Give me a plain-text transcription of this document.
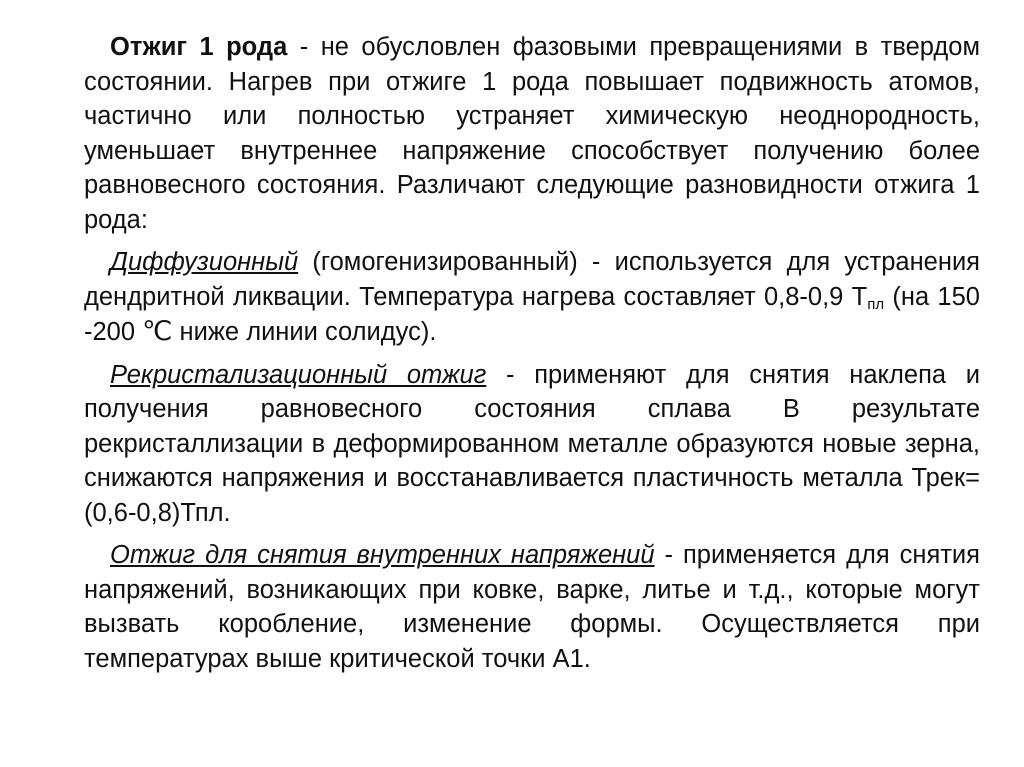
Отжиг 1 рода - не обусловлен фазовыми превращениями в твердом состоянии. Нагрев при отжиге 1 рода повышает подвижность атомов, частично или полностью устраняет химическую неоднородность, уменьшает внутреннее напряжение способствует получению более равновесного состояния. Различают следующие разновидности отжига 1 рода:

Диффузионный (гомогенизированный) - используется для устранения дендритной ликвации. Температура нагрева составляет 0,8-0,9 $Т_{пл}$ (на 150 -200 ℃ ниже линии солидус).

Рекристализационный отжиг - применяют для снятия наклепа и получения равновесного состояния сплава В результате рекристаллизации в деформированном металле образуются новые зерна, снижаются напряжения и восстанавливается пластичность металла Трек=(0,6-0,8)Тпл.

Отжиг для снятия внутренних напряжений - применяется для снятия напряжений, возникающих при ковке, варке, литье и т.д., которые могут вызвать коробление, изменение формы. Осуществляется при температурах выше критической точки А1.
